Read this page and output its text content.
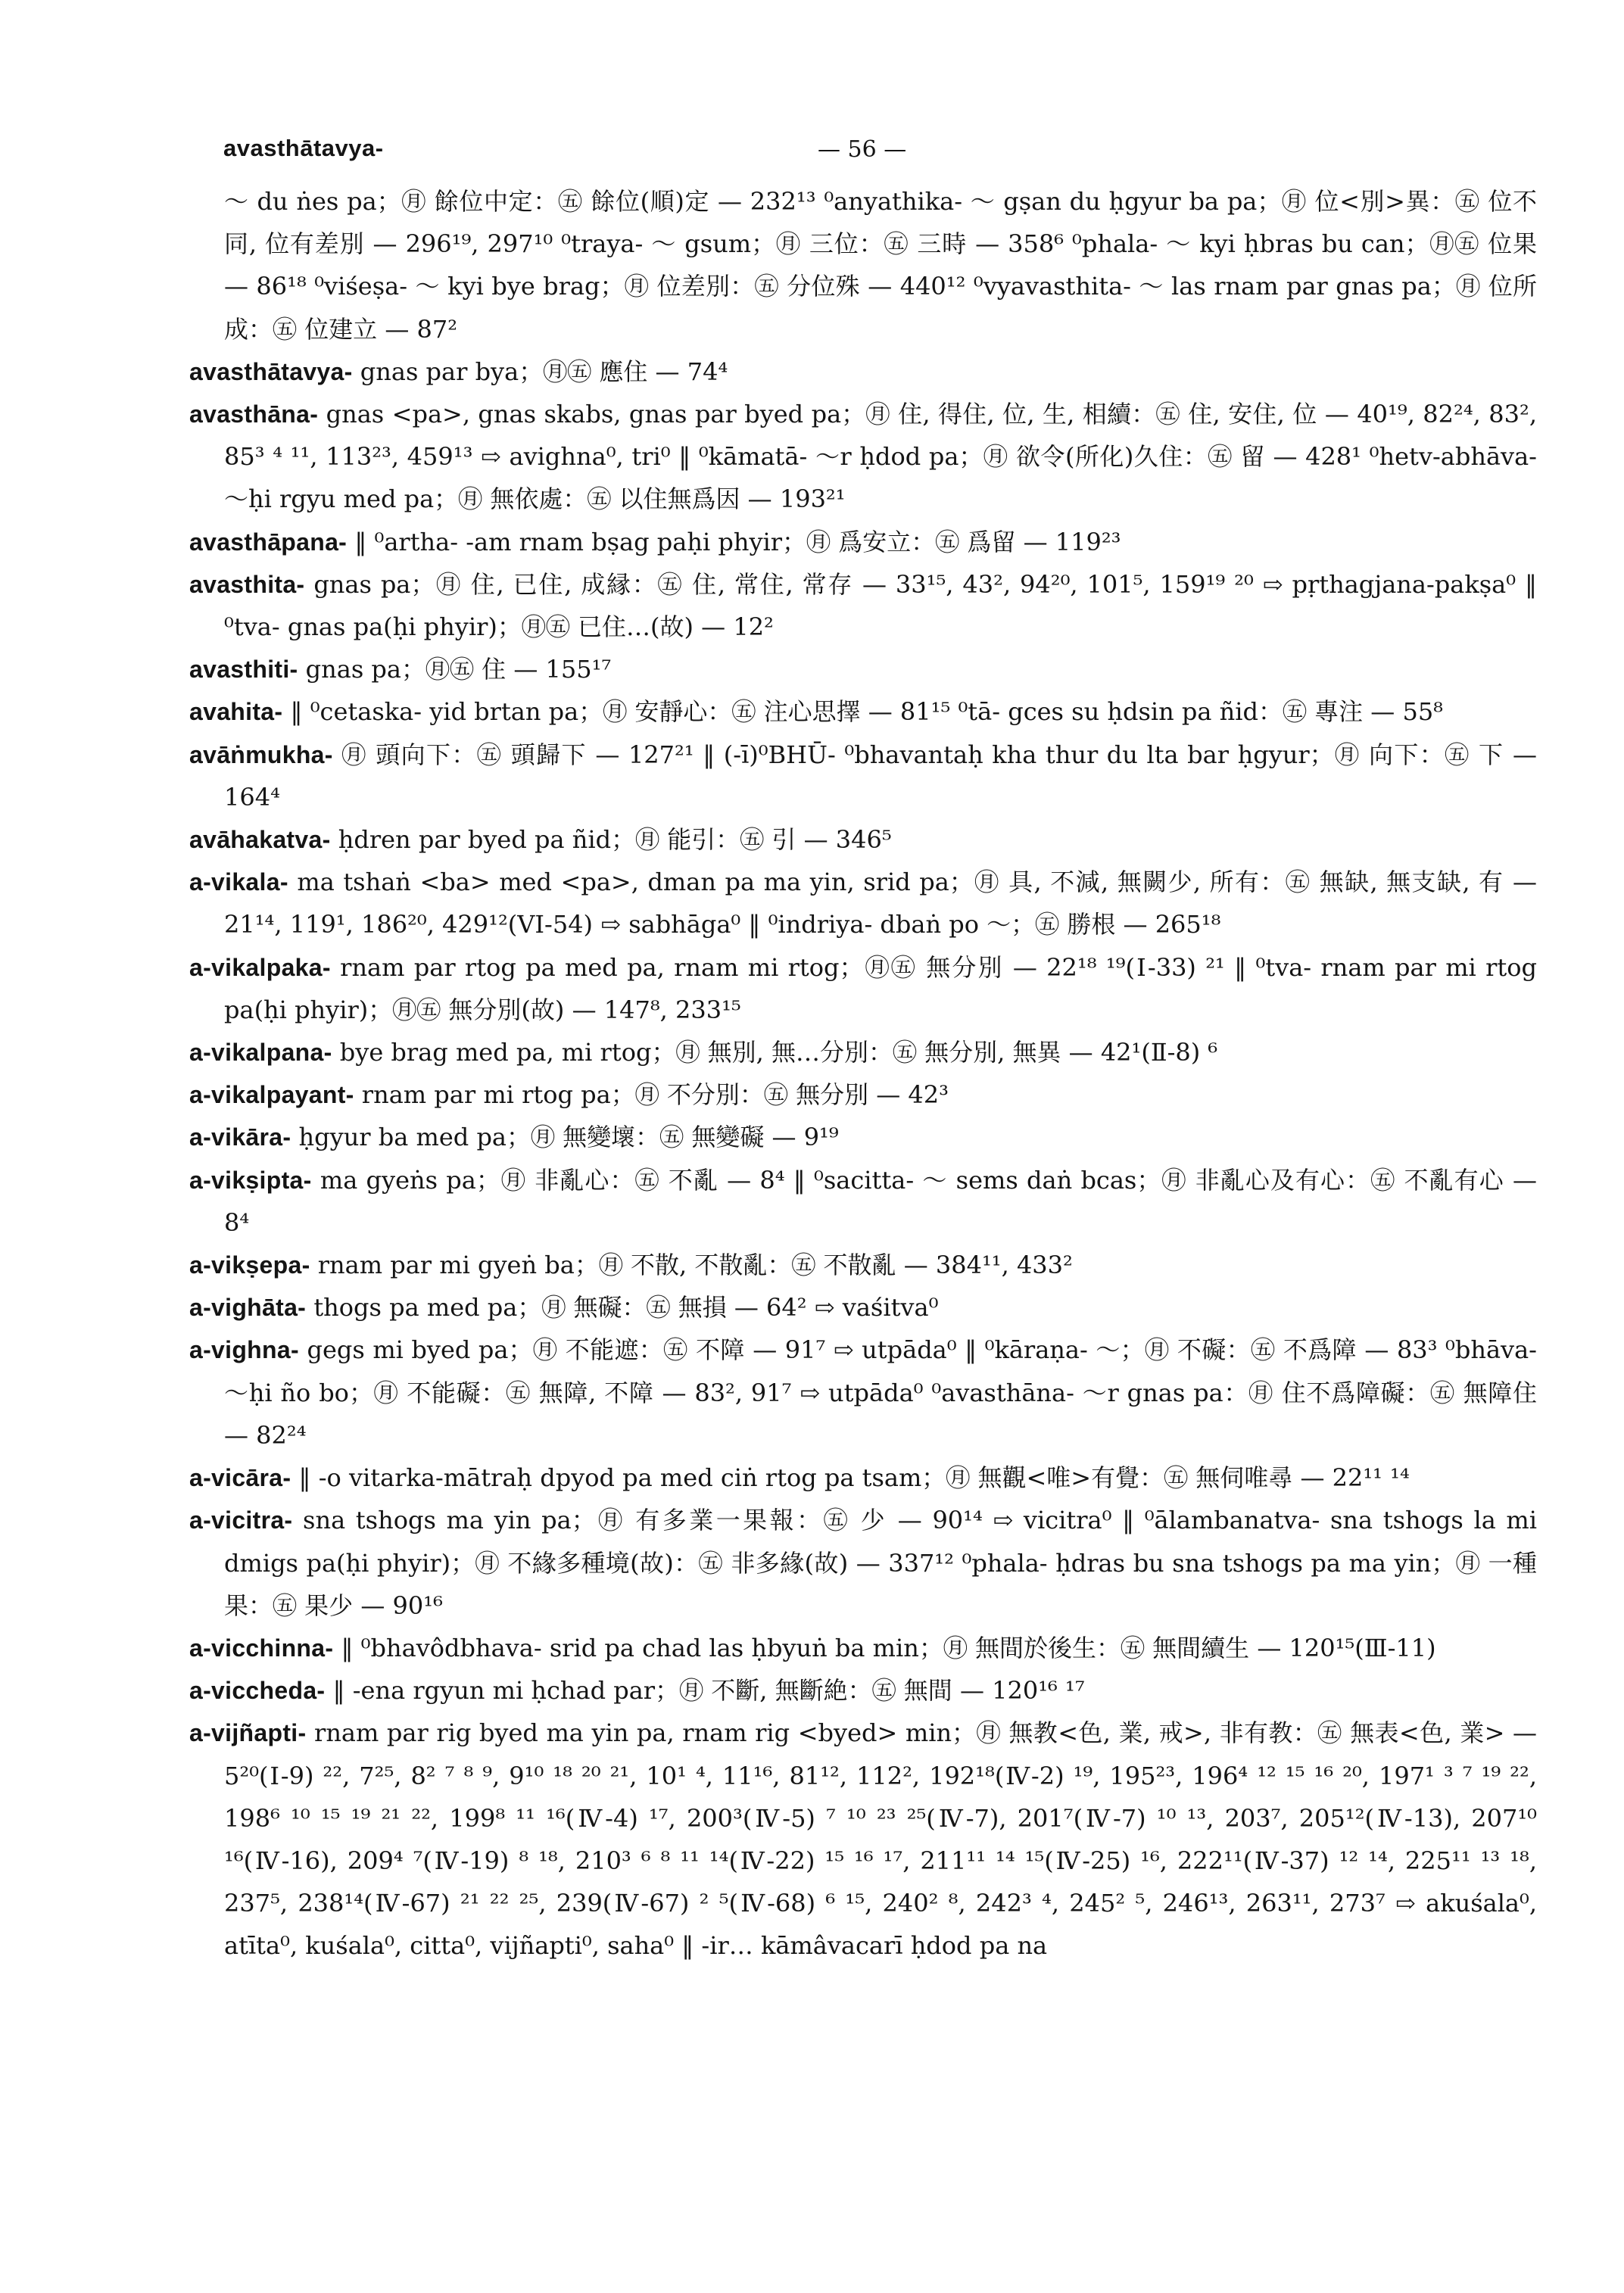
avasthātavya-	— 56 —
～ du ṅes pa；㊊ 餘位中定：㊄ 餘位(順)定 — 232¹³ ⁰anyathika- ～ gṣan du ḥgyur ba pa；㊊ 位<別>異：㊄ 位不同, 位有差別 — 296¹⁹, 297¹⁰ ⁰traya- ～ gsum；㊊ 三位：㊄ 三時 — 358⁶ ⁰phala- ～ kyi ḥbras bu can；㊊㊄ 位果 — 86¹⁸ ⁰viśeṣa- ～ kyi bye brag；㊊ 位差別：㊄ 分位殊 — 440¹² ⁰vyavasthita- ～ las rnam par gnas pa；㊊ 位所成：㊄ 位建立 — 87²
avasthātavya- gnas par bya；㊊㊄ 應住 — 74⁴
avasthāna- gnas <pa>, gnas skabs, gnas par byed pa；㊊ 住, 得住, 位, 生, 相續：㊄ 住, 安住, 位 — 40¹⁹, 82²⁴, 83², 85³ ⁴ ¹¹, 113²³, 459¹³ ⇨ avighna⁰, tri⁰ ‖ ⁰kāmatā- ～r ḥdod pa；㊊ 欲令(所化)久住：㊄ 留 — 428¹ ⁰hetv-abhāva- ～ḥi rgyu med pa；㊊ 無依處：㊄ 以住無爲因 — 193²¹
avasthāpana- ‖ ⁰artha- -am rnam bṣag paḥi phyir；㊊ 爲安立：㊄ 爲留 — 119²³
avasthita- gnas pa；㊊ 住, 已住, 成縁：㊄ 住, 常住, 常存 — 33¹⁵, 43², 94²⁰, 101⁵, 159¹⁹ ²⁰ ⇨ pṛthagjana-pakṣa⁰ ‖ ⁰tva- gnas pa(ḥi phyir)；㊊㊄ 已住…(故) — 12²
avasthiti- gnas pa；㊊㊄ 住 — 155¹⁷
avahita- ‖ ⁰cetaska- yid brtan pa；㊊ 安靜心：㊄ 注心思擇 — 81¹⁵ ⁰tā- gces su ḥdsin pa ñid：㊄ 專注 — 55⁸
avāṅmukha- ㊊ 頭向下：㊄ 頭歸下 — 127²¹ ‖ (-ī)⁰BHŪ- ⁰bhavantaḥ kha thur du lta bar ḥgyur；㊊ 向下：㊄ 下 — 164⁴
avāhakatva- ḥdren par byed pa ñid；㊊ 能引：㊄ 引 — 346⁵
a-vikala- ma tshaṅ <ba> med <pa>, dman pa ma yin, srid pa；㊊ 具, 不減, 無闕少, 所有：㊄ 無缺, 無支缺, 有 — 21¹⁴, 119¹, 186²⁰, 429¹²(VI-54) ⇨ sabhāga⁰ ‖ ⁰indriya- dbaṅ po ～；㊄ 勝根 — 265¹⁸
a-vikalpaka- rnam par rtog pa med pa, rnam mi rtog；㊊㊄ 無分別 — 22¹⁸ ¹⁹(Ⅰ-33) ²¹ ‖ ⁰tva- rnam par mi rtog pa(ḥi phyir)；㊊㊄ 無分別(故) — 147⁸, 233¹⁵
a-vikalpana- bye brag med pa, mi rtog；㊊ 無別, 無…分別：㊄ 無分別, 無異 — 42¹(Ⅱ-8) ⁶
a-vikalpayant- rnam par mi rtog pa；㊊ 不分別：㊄ 無分別 — 42³
a-vikāra- ḥgyur ba med pa；㊊ 無變壞：㊄ 無變礙 — 9¹⁹
a-vikṣipta- ma gyeṅs pa；㊊ 非亂心：㊄ 不亂 — 8⁴ ‖ ⁰sacitta- ～ sems daṅ bcas；㊊ 非亂心及有心：㊄ 不亂有心 — 8⁴
a-vikṣepa- rnam par mi gyeṅ ba；㊊ 不散, 不散亂：㊄ 不散亂 — 384¹¹, 433²
a-vighāta- thogs pa med pa；㊊ 無礙：㊄ 無損 — 64² ⇨ vaśitva⁰
a-vighna- gegs mi byed pa；㊊ 不能遮：㊄ 不障 — 91⁷ ⇨ utpāda⁰ ‖ ⁰kāraṇa- ～；㊊ 不礙：㊄ 不爲障 — 83³ ⁰bhāva- ～ḥi ño bo；㊊ 不能礙：㊄ 無障, 不障 — 83², 91⁷ ⇨ utpāda⁰ ⁰avasthāna- ～r gnas pa：㊊ 住不爲障礙：㊄ 無障住 — 82²⁴
a-vicāra- ‖ -o vitarka-mātraḥ dpyod pa med ciṅ rtog pa tsam；㊊ 無觀<唯>有覺：㊄ 無伺唯尋 — 22¹¹ ¹⁴
a-vicitra- sna tshogs ma yin pa；㊊ 有多業一果報：㊄ 少 — 90¹⁴ ⇨ vicitra⁰ ‖ ⁰ālambanatva- sna tshogs la mi dmigs pa(ḥi phyir)；㊊ 不緣多種境(故)：㊄ 非多緣(故) — 337¹² ⁰phala- ḥdras bu sna tshogs pa ma yin；㊊ 一種果：㊄ 果少 — 90¹⁶
a-vicchinna- ‖ ⁰bhavôdbhava- srid pa chad las ḥbyuṅ ba min；㊊ 無間於後生：㊄ 無間續生 — 120¹⁵(Ⅲ-11)
a-viccheda- ‖ -ena rgyun mi ḥchad par；㊊ 不斷, 無斷絶：㊄ 無間 — 120¹⁶ ¹⁷
a-vijñapti- rnam par rig byed ma yin pa, rnam rig <byed> min；㊊ 無教<色, 業, 戒>, 非有教：㊄ 無表<色, 業> — 5²⁰(Ⅰ-9) ²², 7²⁵, 8² ⁷ ⁸ ⁹, 9¹⁰ ¹⁸ ²⁰ ²¹, 10¹ ⁴, 11¹⁶, 81¹², 112², 192¹⁸(Ⅳ-2) ¹⁹, 195²³, 196⁴ ¹² ¹⁵ ¹⁶ ²⁰, 197¹ ³ ⁷ ¹⁹ ²², 198⁶ ¹⁰ ¹⁵ ¹⁹ ²¹ ²², 199⁸ ¹¹ ¹⁶(Ⅳ-4) ¹⁷, 200³(Ⅳ-5) ⁷ ¹⁰ ²³ ²⁵(Ⅳ-7), 201⁷(Ⅳ-7) ¹⁰ ¹³, 203⁷, 205¹²(Ⅳ-13), 207¹⁰ ¹⁶(Ⅳ-16), 209⁴ ⁷(Ⅳ-19) ⁸ ¹⁸, 210³ ⁶ ⁸ ¹¹ ¹⁴(Ⅳ-22) ¹⁵ ¹⁶ ¹⁷, 211¹¹ ¹⁴ ¹⁵(Ⅳ-25) ¹⁶, 222¹¹(Ⅳ-37) ¹² ¹⁴, 225¹¹ ¹³ ¹⁸, 237⁵, 238¹⁴(Ⅳ-67) ²¹ ²² ²⁵, 239(Ⅳ-67) ² ⁵(Ⅳ-68) ⁶ ¹⁵, 240² ⁸, 242³ ⁴, 245² ⁵, 246¹³, 263¹¹, 273⁷ ⇨ akuśala⁰, atīta⁰, kuśala⁰, citta⁰, vijñapti⁰, saha⁰ ‖ -ir… kāmâvacarī ḥdod pa na
